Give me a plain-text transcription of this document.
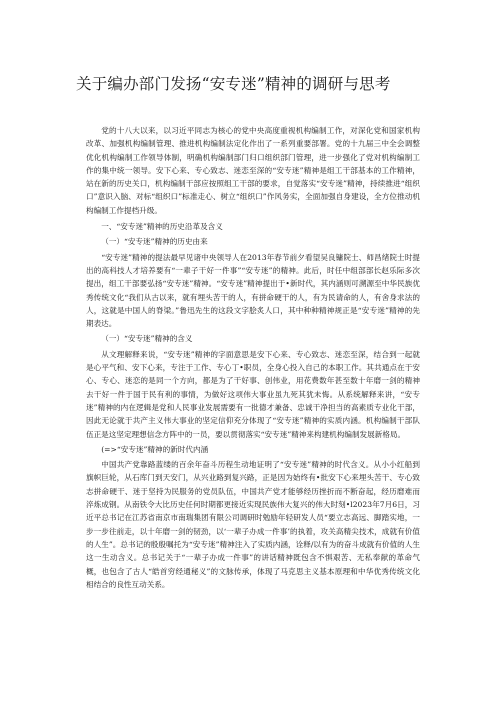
关于编办部门发扬“安专迷”精神的调研与思考

党的十八大以来，以习近平同志为核心的党中央高度重视机构编制工作，对深化党和国家机构改革、加强机构编制管理、推进机构编制法定化作出了一系列重要部署。党的十九届三中全会调整优化机构编制工作领导体制，明确机构编制部门归口组织部门管理，进一步强化了党对机构编制工作的集中统一领导。安下心来、专心致志、迷恋至深的“安专迷”精神是组工干部基本的工作精神，站在新的历史关口，机构编制干部应按照组工干部的要求，自觉落实“安专迷”精神，持续推进“组织口”意识入脑、对标“组织口”标准走心、树立“组织口”作风务实，全面加强自身建设，全方位推动机构编制工作提档升级。

一、“安专迷”精神的历史沿革及含义

（一）“安专迷”精神的历史由来

“安专迷”精神的提法最早见诸中央领导人在2013年春节前夕看望吴良镛院士、师昌绪院士时提出的高科技人才培养要有“一辈子干好一件事”“安专迷”的精神。此后，时任中组部部长赵乐际多次提出，组工干部要弘扬“安专迷”精神。“安专迷”精神提出于•新时代，其内涵则可溯源至中华民族优秀传统文化“我们从古以来，就有埋头苦干的人，有拼命硬干的人，有为民请命的人，有舍身求法的人，这就是中国人的脊梁。”鲁迅先生的这段文字脍炙人口，其中种种精神规正是“安专迷”精神的先期表达。

（一）“安专迷”精神的含义

从文理解释来说，“安专迷”精神的字面意思是安下心来、专心致志、迷恋至深，结合到一起就是心平气和、安下心来，专注于工作、专心丁•职员，全身心投入自己的本职工作。其共通点在于安心、专心、迷恋的是同一个方向，都是为了干好事、创伟业，用花费数年甚至数十年磨一剑的精神去干好一件于国于民有利的事情，为做好这项伟大事业虽九死其犹未悔。从系统解释来讲，“安专迷”精神的内在逻辑是党和人民事业发展需要有一批德才兼备、忠诚干净担当的高素质专业化干部，因此无论就于共产主义伟大事业的坚定信仰充分体现了“安专迷”精神的实质内涵。机构编制干部队伍正是这坚定理想信念方阵中的一员，要以贯彻落实“安专迷”精神来构建机构编制发展新格局。

(=>“安专迷”精神的新时代内涵

中国共产党靠路蓝缕的百余年奋斗历程生动地证明了“安专迷”精神的时代含义。从小小红船到旗帜巨轮，从石库门到天安门，从兴业路到复兴路，正是因为始终有•批安下心来埋头苦干、专心致志拼命硬干、迷于坚持为民服务的党员队伍，中国共产党才能够经历挫折而不断奋起，经历磨难而淬炼成钢。从南铁令大比历史任何时期都更接近实现民族伟大复兴的伟大时刻•l2023年7月6日，习近平总书记在江苏省南京市南瑞集团有限公司调研时勉励年轻研发人员“要立志高远、脚踏实地，一步一步往前走，以十年磨一剑的韧劲，以‘一辈子办成一件事’的执着，攻关高精尖技术，成就有价值的人生”。总书记的殷殷嘱托为“安专迷”精神注入了实质内涵，诠释/以有为的奋斗成就有价值的人生这一生动含义。总书记关于“一辈子办成一件事”的讲话精神既包含不惧艰苦、无私奉献的革命气概，也包含了古人“皓首穷经通秘义”的文脉传承，体现了马克思主义基本原理和中华优秀传统文化相结合的良性互动关系。
